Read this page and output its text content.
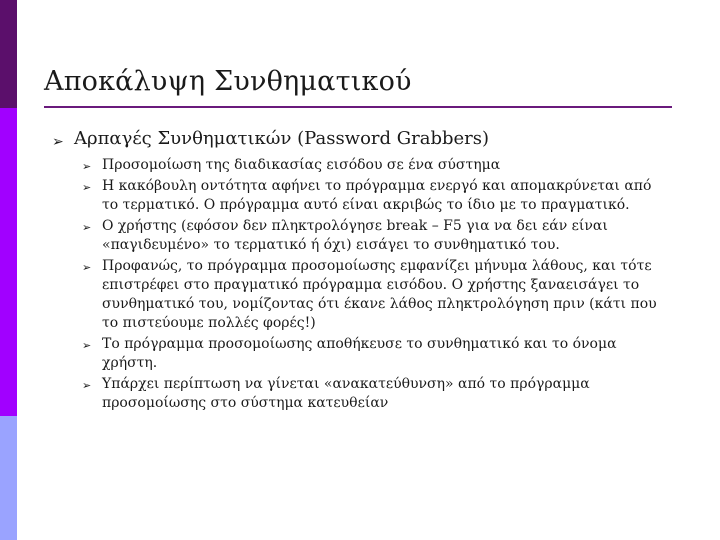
Αποκάλυψη Συνθηματικού
➢ Αρπαγές Συνθηματικών (Password Grabbers)
➢ Προσομοίωση της διαδικασίας εισόδου σε ένα σύστημα
➢ Η κακόβουλη οντότητα αφήνει το πρόγραμμα ενεργό και απομακρύνεται από το τερματικό. Ο πρόγραμμα αυτό είναι ακριβώς το ίδιο με το πραγματικό.
➢ Ο χρήστης (εφόσον δεν πληκτρολόγησε break – F5 για να δει εάν είναι «παγιδευμένο» το τερματικό ή όχι) εισάγει το συνθηματικό του.
➢ Προφανώς, το πρόγραμμα προσομοίωσης εμφανίζει μήνυμα λάθους, και τότε επιστρέφει στο πραγματικό πρόγραμμα εισόδου. Ο χρήστης ξαναεισάγει το συνθηματικό του, νομίζοντας ότι έκανε λάθος πληκτρολόγηση πριν (κάτι που το πιστεύουμε πολλές φορές!)
➢ Το πρόγραμμα προσομοίωσης αποθήκευσε το συνθηματικό και το όνομα χρήστη.
➢ Υπάρχει περίπτωση να γίνεται «ανακατεύθυνση» από το πρόγραμμα προσομοίωσης στο σύστημα κατευθείαν
